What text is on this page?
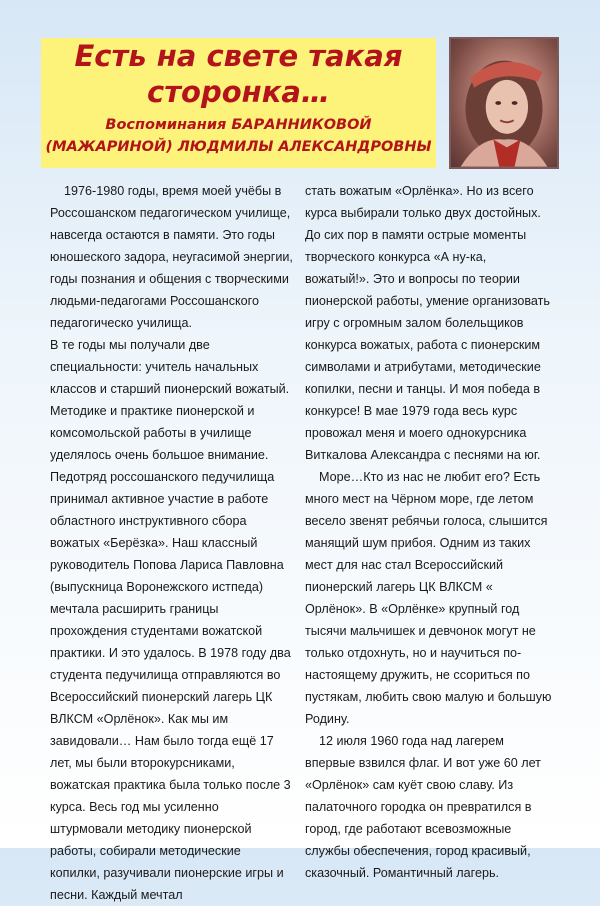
Есть на свете такая
сторонка…
Воспоминания БАРАННИКОВОЙ
(МАЖАРИНОЙ) ЛЮДМИЛЫ АЛЕКСАНДРОВНЫ

1976-1980 годы, время моей учёбы в Россошанском педагогическом училище, навсегда остаются в памяти. Это годы юношеского задора, неугасимой энергии, годы познания и общения с творческими людьми-педагогами Россошанского педагогическо училища.

В те годы мы получали две специальности: учитель начальных классов и старший пионерский вожатый. Методике и практике пионерской и комсомольской работы в училище уделялось очень большое внимание. Педотряд россошанского педучилища принимал активное участие в работе областного инструктивного сбора вожатых «Берёзка». Наш классный руководитель Попова Лариса Павловна (выпускница Воронежского истпеда) мечтала расширить границы прохождения студентами вожатской практики. И это удалось. В 1978 году два студента педучилища отправляются во Всероссийский пионерский лагерь ЦК ВЛКСМ «Орлёнок». Как мы им завидовали… Нам было тогда ещё 17 лет, мы были второкурсниками, вожатская практика была только после 3 курса. Весь год мы усиленно штурмовали методику пионерской работы, собирали методические копилки, разучивали пионерские игры и песни. Каждый мечтал

стать вожатым «Орлёнка». Но из всего курса выбирали только двух достойных. До сих пор в памяти острые моменты творческого конкурса «А ну-ка, вожатый!». Это и вопросы по теории пионерской работы, умение организовать игру с огромным залом болельщиков конкурса вожатых, работа с пионерским символами и атрибутами, методические копилки, песни и танцы. И моя победа в конкурсе! В мае 1979 года весь курс провожал меня и моего однокурсника Виткалова Александра с песнями на юг.

Море…Кто из нас не любит его? Есть много мест на Чёрном море, где летом весело звенят ребячьи голоса, слышится манящий шум прибоя. Одним из таких мест для нас стал Всероссийский пионерский лагерь ЦК ВЛКСМ « Орлёнок». В «Орлёнке» крупный год тысячи мальчишек и девчонок могут не только отдохнуть, но и научиться по- настоящему дружить, не ссориться по пустякам, любить свою малую и большую Родину.

12 июля 1960 года над лагерем впервые взвился флаг. И вот уже 60 лет «Орлёнок» сам куёт свою славу. Из палаточного городка он превратился в город, где работают всевозможные службы обеспечения, город красивый, сказочный. Романтичный лагерь.
